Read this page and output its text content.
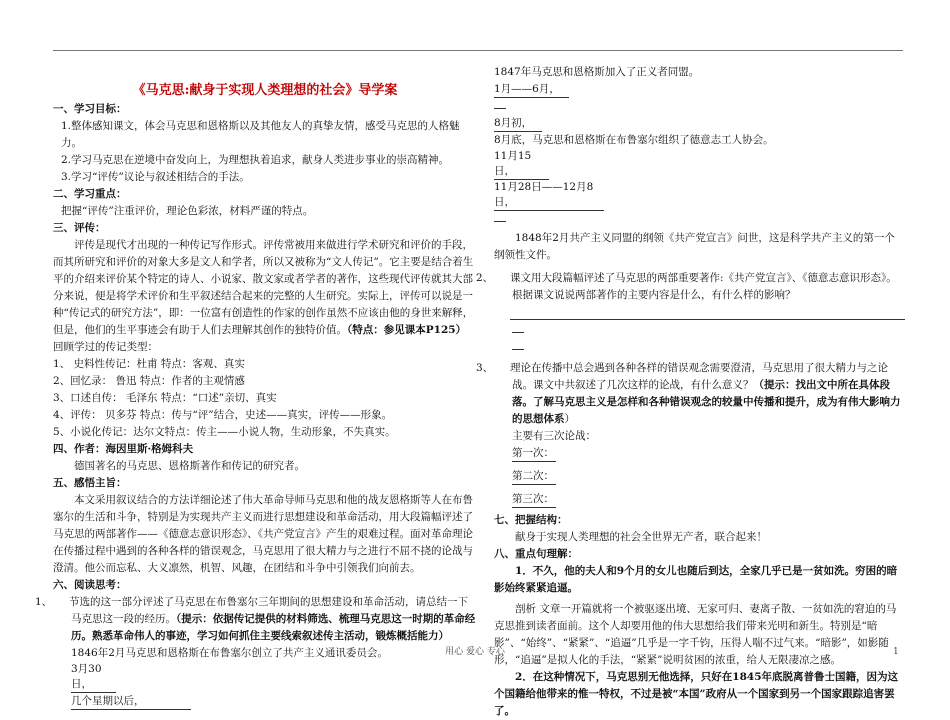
《马克思:献身于实现人类理想的社会》导学案

一、学习目标：

1.整体感知课文，体会马克思和恩格斯以及其他友人的真挚友情，感受马克思的人格魅力。

2.学习马克思在逆境中奋发向上，为理想执着追求，献身人类进步事业的崇高精神。

3.学习“评传”议论与叙述相结合的手法。

二、学习重点：

把握“评传”注重评价，理论色彩浓，材料严谨的特点。

三、评传：

评传是现代才出现的一种传记写作形式。评传常被用来做进行学术研究和评价的手段，而其所研究和评价的对象大多是文人和学者，所以又被称为“文人传记”。它主要是结合着生平的介绍来评价某个特定的诗人、小说家、散文家或者学者的著作，这些现代评传就其大部分来说，便是将学术评价和生平叙述结合起来的完整的人生研究。实际上，评传可以说是一种“传记式的研究方法”，即：一位富有创造性的作家的创作虽然不应该由他的身世来解释，但是，他们的生平事迹会有助于人们去理解其创作的独特价值。（特点：参见课本P125）

回顾学过的传记类型：

1、 史料性传记：杜甫 特点：客观、真实

2、回忆录： 鲁迅 特点：作者的主观情感

3、口述自传： 毛泽东 特点：“口述”亲切、真实

4、评传： 贝多芬 特点：传与“评”结合，史述——真实，评传——形象。

5、小说化传记：达尔文特点：传主——小说人物，生动形象，不失真实。

四、作者：海因里斯·格姆科夫

德国著名的马克思、恩格斯著作和传记的研究者。

五、感悟主旨：

本文采用叙议结合的方法详细论述了伟大革命导师马克思和他的战友恩格斯等人在布鲁塞尔的生活和斗争，特别是为实现共产主义而进行思想建设和革命活动，用大段篇幅评述了马克思的两部著作——《德意志意识形态》、《共产党宣言》产生的艰难过程。面对革命理论在传播过程中遇到的各种各样的错误观念，马克思用了很大精力与之进行不屈不挠的论战与澄清。他公而忘私、大义凛然，机智、风趣，在团结和斗争中引领我们向前去。

六、阅读思考：

1、 节选的这一部分评述了马克思在布鲁塞尔三年期间的思想建设和革命活动，请总结一下马克思这一段的经历。（提示：依据传记提供的材料筛选、梳理马克思这一时期的革命经历。熟悉革命伟人的事迹，学习如何抓住主要线索叙述传主活动，锻炼概括能力）

1846年2月马克思和恩格斯在布鲁塞尔创立了共产主义通讯委员会。

3月30日，

几个星期以后，

1847年马克思和恩格斯加入了正义者同盟。

1月——6月，

8月初，

8月底，马克思和恩格斯在布鲁塞尔组织了德意志工人协会。

11月15日，

11月28日——12月8日，

1848年2月共产主义同盟的纲领《共产党宣言》问世，这是科学共产主义的第一个纲领性文件。

2、 课文用大段篇幅评述了马克思的两部重要著作:《共产党宣言》、《德意志意识形态》。根据课文说说两部著作的主要内容是什么，有什么样的影响？

3、 理论在传播中总会遇到各种各样的错误观念需要澄清，马克思用了很大精力与之论战。课文中共叙述了几次这样的论战，有什么意义？（提示：找出文中所在具体段落。了解马克思主义是怎样和各种错误观念的较量中传播和提升，成为有伟大影响力的思想体系）

主要有三次论战：

第一次：

第二次：

第三次：

七、把握结构：

献身于实现人类理想的社会全世界无产者，联合起来！

八、重点句理解：

1．不久，他的夫人和9个月的女儿也随后到达，全家几乎已是一贫如洗。穷困的暗影始终紧紧追逼。

剖析 文章一开篇就将一个被驱逐出境、无家可归、妻离子散、一贫如洗的窘迫的马克思推到读者面前。这个人却要用他的伟大思想给我们带来光明和新生。特别是“暗影”、“始终”、“紧紧”、“追逼”几乎是一字千钧，压得人喘不过气来。“暗影”，如影随形，“追逼”是拟人化的手法，“紧紧”说明贫困的浓重，给人无限凄凉之感。

2．在这种情况下，马克思别无他选择，只好在1845年底脱离普鲁士国籍，因为这个国籍给他带来的惟一特权，不过是被“本国”政府从一个国家到另一个国家跟踪追害罢了。

用心 爱心 专心	1
